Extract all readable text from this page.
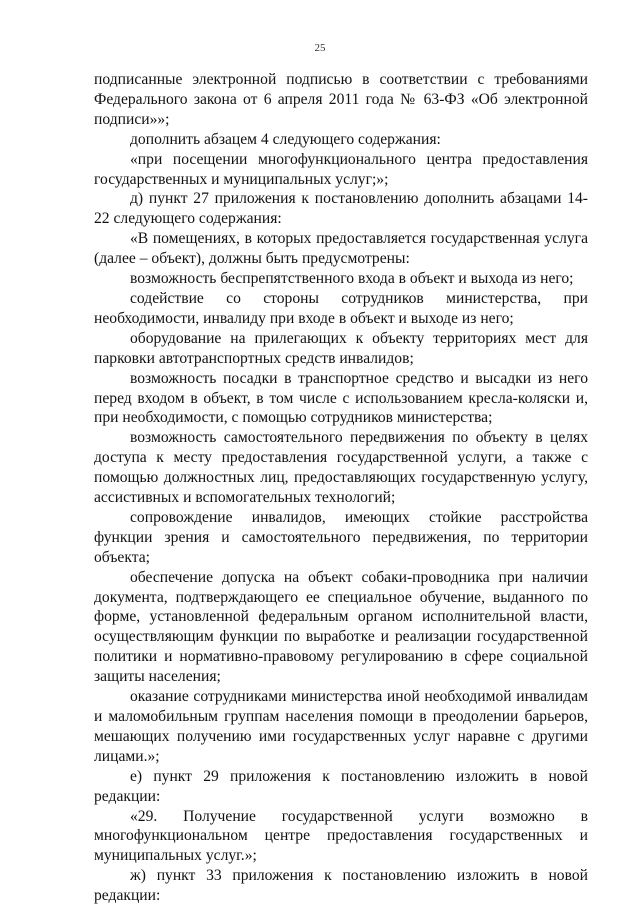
25

подписанные электронной подписью в соответствии с требованиями Федерального закона от 6 апреля 2011 года № 63-ФЗ «Об электронной подписи»»;

дополнить абзацем 4 следующего содержания:

«при посещении многофункционального центра предоставления государственных и муниципальных услуг;»;

д) пункт 27 приложения к постановлению дополнить абзацами 14-22 следующего содержания:

«В помещениях, в которых предоставляется государственная услуга (далее – объект), должны быть предусмотрены:

возможность беспрепятственного входа в объект и выхода из него;

содействие со стороны сотрудников министерства, при необходимости, инвалиду при входе в объект и выходе из него;

оборудование на прилегающих к объекту территориях мест для парковки автотранспортных средств инвалидов;

возможность посадки в транспортное средство и высадки из него перед входом в объект, в том числе с использованием кресла-коляски и, при необходимости, с помощью сотрудников министерства;

возможность самостоятельного передвижения по объекту в целях доступа к месту предоставления государственной услуги, а также с помощью должностных лиц, предоставляющих государственную услугу, ассистивных и вспомогательных технологий;

сопровождение инвалидов, имеющих стойкие расстройства функции зрения и самостоятельного передвижения, по территории объекта;

обеспечение допуска на объект собаки-проводника при наличии документа, подтверждающего ее специальное обучение, выданного по форме, установленной федеральным органом исполнительной власти, осуществляющим функции по выработке и реализации государственной политики и нормативно-правовому регулированию в сфере социальной защиты населения;

оказание сотрудниками министерства иной необходимой инвалидам и маломобильным группам населения помощи в преодолении барьеров, мешающих получению ими государственных услуг наравне с другими лицами.»;

е) пункт 29 приложения к постановлению изложить в новой редакции:

«29. Получение государственной услуги возможно в многофункциональном центре предоставления государственных и муниципальных услуг.»;

ж) пункт 33 приложения к постановлению изложить в новой редакции:
